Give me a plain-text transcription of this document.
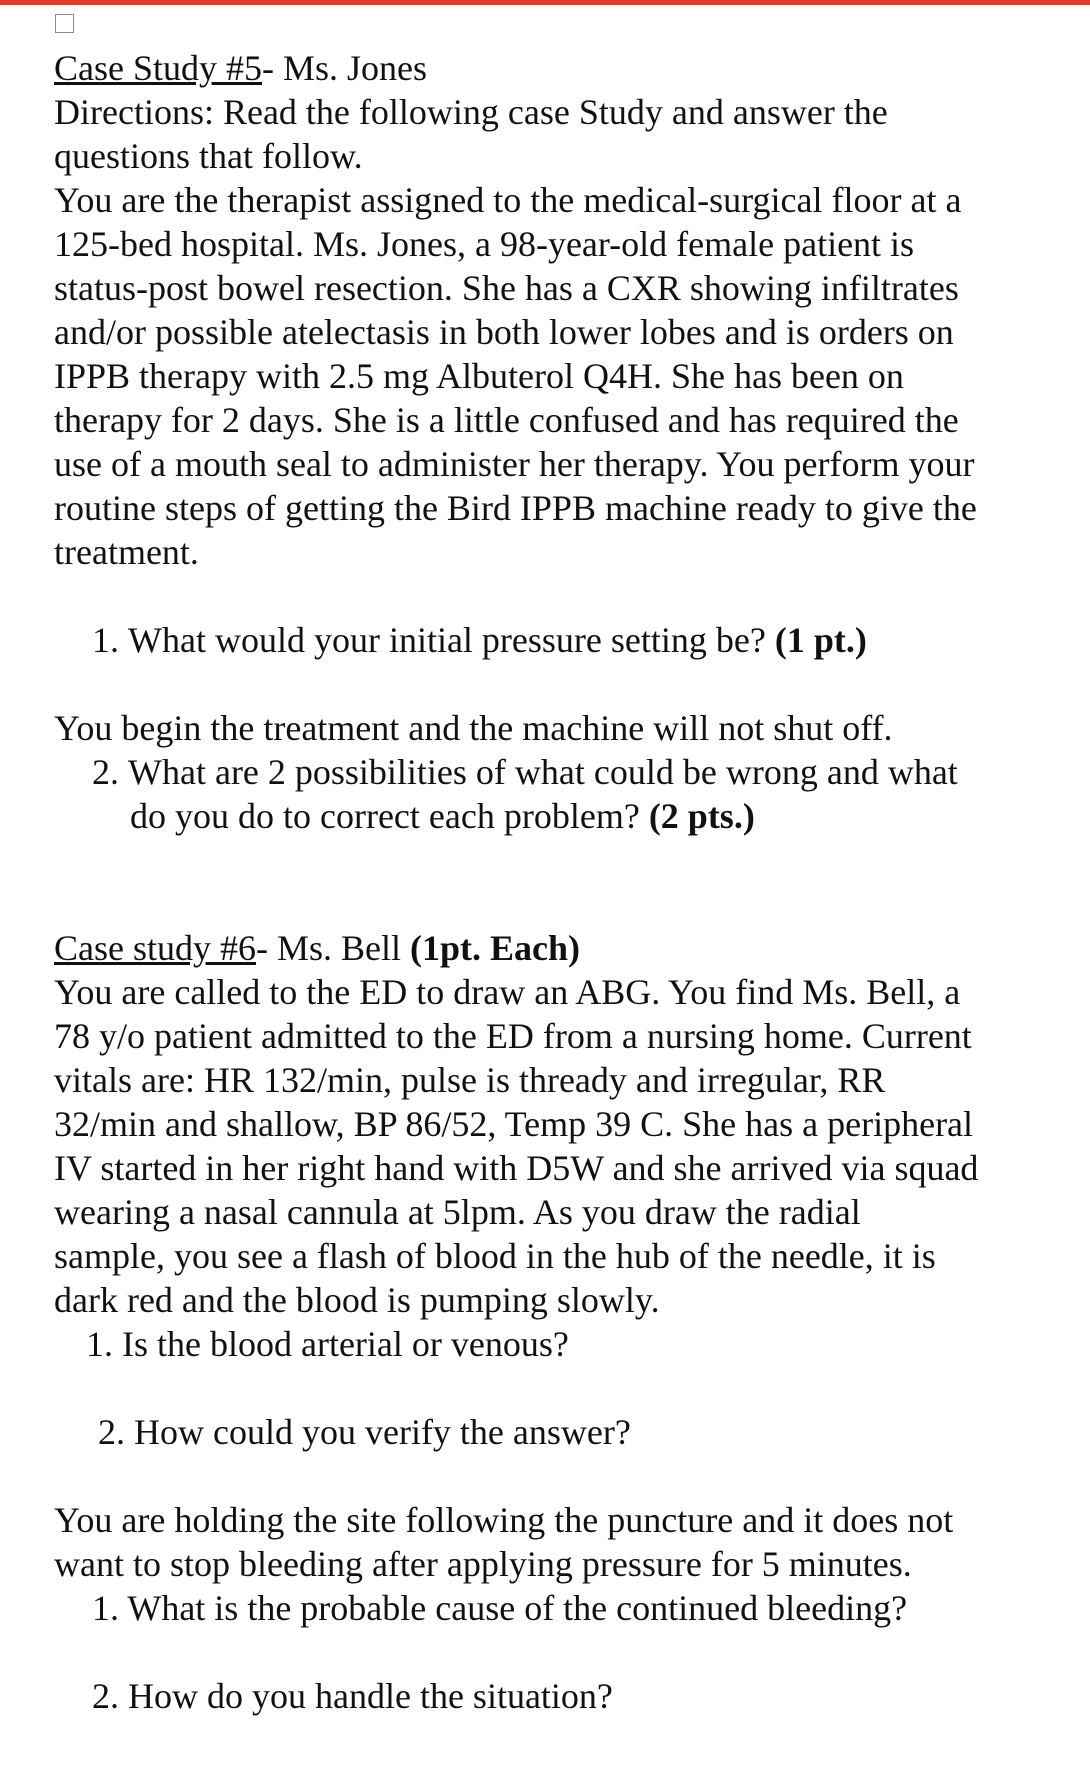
Case Study #5- Ms. Jones
Directions: Read the following case Study and answer the
questions that follow.
You are the therapist assigned to the medical-surgical floor at a
125-bed hospital. Ms. Jones, a 98-year-old female patient is
status-post bowel resection. She has a CXR showing infiltrates
and/or possible atelectasis in both lower lobes and is orders on
IPPB therapy with 2.5 mg Albuterol Q4H. She has been on
therapy for 2 days. She is a little confused and has required the
use of a mouth seal to administer her therapy. You perform your
routine steps of getting the Bird IPPB machine ready to give the
treatment.
1.
What would your initial pressure setting be?
(1 pt.)
You begin the treatment and the machine will not shut off.
2.
What are 2 possibilities of what could be wrong and what
do you do to correct each problem? (2 pts.)
Case study #6- Ms. Bell (1pt. Each)
You are called to the ED to draw an ABG. You find Ms. Bell, a
78 y/o patient admitted to the ED from a nursing home. Current
vitals are: HR 132/min, pulse is thready and irregular, RR
32/min and shallow, BP 86/52, Temp 39 C. She has a peripheral
IV started in her right hand with D5W and she arrived via squad
wearing a nasal cannula at 5lpm. As you draw the radial
sample, you see a flash of blood in the hub of the needle, it is
dark red and the blood is pumping slowly.
1. Is the blood arterial or venous?
2. How could you verify the answer?
You are holding the site following the puncture and it does not
want to stop bleeding after applying pressure for 5 minutes.
1. What is the probable cause of the continued bleeding?
2. How do you handle the situation?
